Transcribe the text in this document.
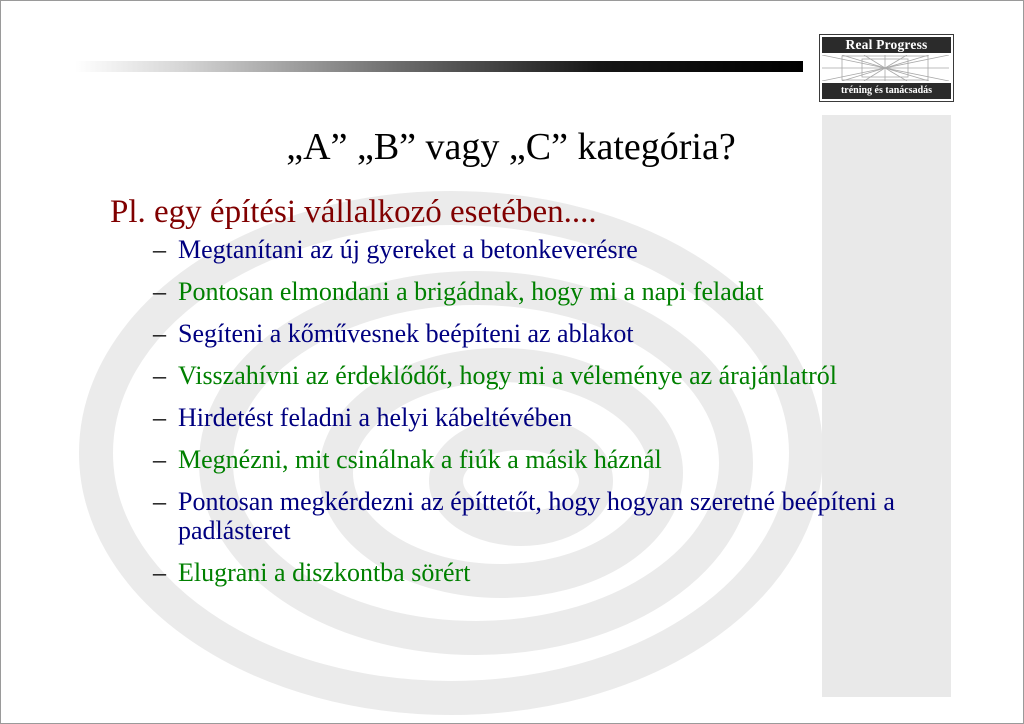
Real Progress
tréning és tanácsadás
„A” „B” vagy „C” kategória?
Pl. egy építési vállalkozó esetében....
– Megtanítani az új gyereket a betonkeverésre
– Pontosan elmondani a brigádnak, hogy mi a napi feladat
– Segíteni a kőművesnek beépíteni az ablakot
– Visszahívni az érdeklődőt, hogy mi a véleménye az árajánlatról
– Hirdetést feladni a helyi kábeltévében
– Megnézni, mit csinálnak a fiúk a másik háznál
– Pontosan megkérdezni az építtetőt, hogy hogyan szeretné beépíteni a padlásteret
– Elugrani a diszkontba sörért
